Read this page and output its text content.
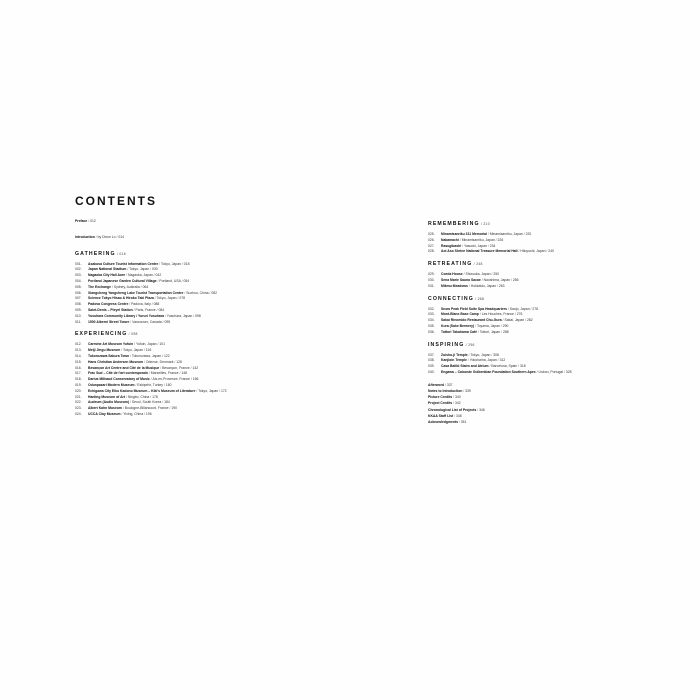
CONTENTS
Preface / 012
Introduction / by Dixon Lo / 014
GATHERING / 016
001. Asakusa Culture Tourist Information Centre / Tokyo, Japan / 018
002. Japan National Stadium / Tokyo, Japan / 030
003. Nagaoka City Hall Aore / Nagaoka, Japan / 042
004. Portland Japanese Garden Cultural Village / Portland, USA / 054
005. The Exchange / Sydney, Australia / 064
006. Xiangcheng Yangcheng Lake Tourist Transportation Centre / Suzhou, China / 082
007. Science Tokyo Hisao & Hiroko Taki Plaza / Tokyo, Japan / 078
008. Padova Congress Centre / Padova, Italy / 088
009. Saint-Denis – Pleyel Station / Paris, France / 084
010. Yusuhara Community Library / Yururi Yusuhara / Yusuhara, Japan / 098
011. 1500 Alberni Street Tower / Vancouver, Canada / 095
EXPERIENCING / 098
012. Carmine Art Museum Yufuin / Yufuin, Japan / 101
013. Meiji Jingu Museum / Tokyo, Japan / 116
014. Tokorozawa Sakura Town / Tokorozawa, Japan / 122
015. Hans Christian Andersen Museum / Odense, Denmark / 128
016. Besançon Art Centre and Cité de la Musique / Besançon, France / 142
017. Frac Sud – Cité de l'art contemporain / Marseilles, France / 148
018. Darius Milhaud Conservatory of Music / Aix-en-Provence, France / 156
019. Odunpazari Modern Museum / Eskişehir, Turkey / 160
020. Echigawa City Eiko Kadono Museum – Kiki's Museum of Literature / Tokyo, Japan / 172
021. Hanling Museum of Art / Ningbo, China / 178
022. Audeum (Audio Museum) / Seoul, South Korea / 184
023. Albert Kahn Museum / Boulogne-Billancourt, France / 190
024. UCCA Clay Museum / Yixing, China / 196
REMEMBERING / 210
025. Minamisanriku 311 Memorial / Minamisanriku, Japan / 220
026. Nakamachi / Minamisanriku, Japan / 226
027. Rasugibashi / Yasuoki, Japan / 234
028. Aoi Aso Shrine National Treasure Memorial Hall / Hitoyoshi, Japan / 240
RETREATING / 248
029. Coeda House / Shizuoka, Japan / 250
030. Sena Marie Sauna Sacae / Naoshima, Japan / 256
031. Mikmu Meadows / Hokkaido, Japan / 263
CONNECTING / 268
032. Snow Peak Field Suite Spa Headquarters / Sanjo, Japan / 278
033. Mont-Blanc Base Camp / Les Houches, France / 276
034. Sakai Rinomido Restaurant Chu-Gura / Sakai, Japan / 282
035. Kura (Sake Brewery) / Toyama, Japan / 290
036. Tottori Takahama Café / Tottori, Japan / 288
INSPIRING / 296
037. Zuisho-ji Temple / Tokyo, Japan / 308
038. Kanjioin Temple / Yokohama, Japan / 312
039. Casa Batlló Stairs and Atrium / Barcelona, Spain / 318
040. Engawa – Calouste Gulbenkian Foundation Southern Apex / Lisbon, Portugal / 328
Afterword / 337
Notes to Introduction / 339
Picture Credits / 340
Project Credits / 342
Chronological List of Projects / 346
KKAA Staff List / 348
Acknowledgments / 351
